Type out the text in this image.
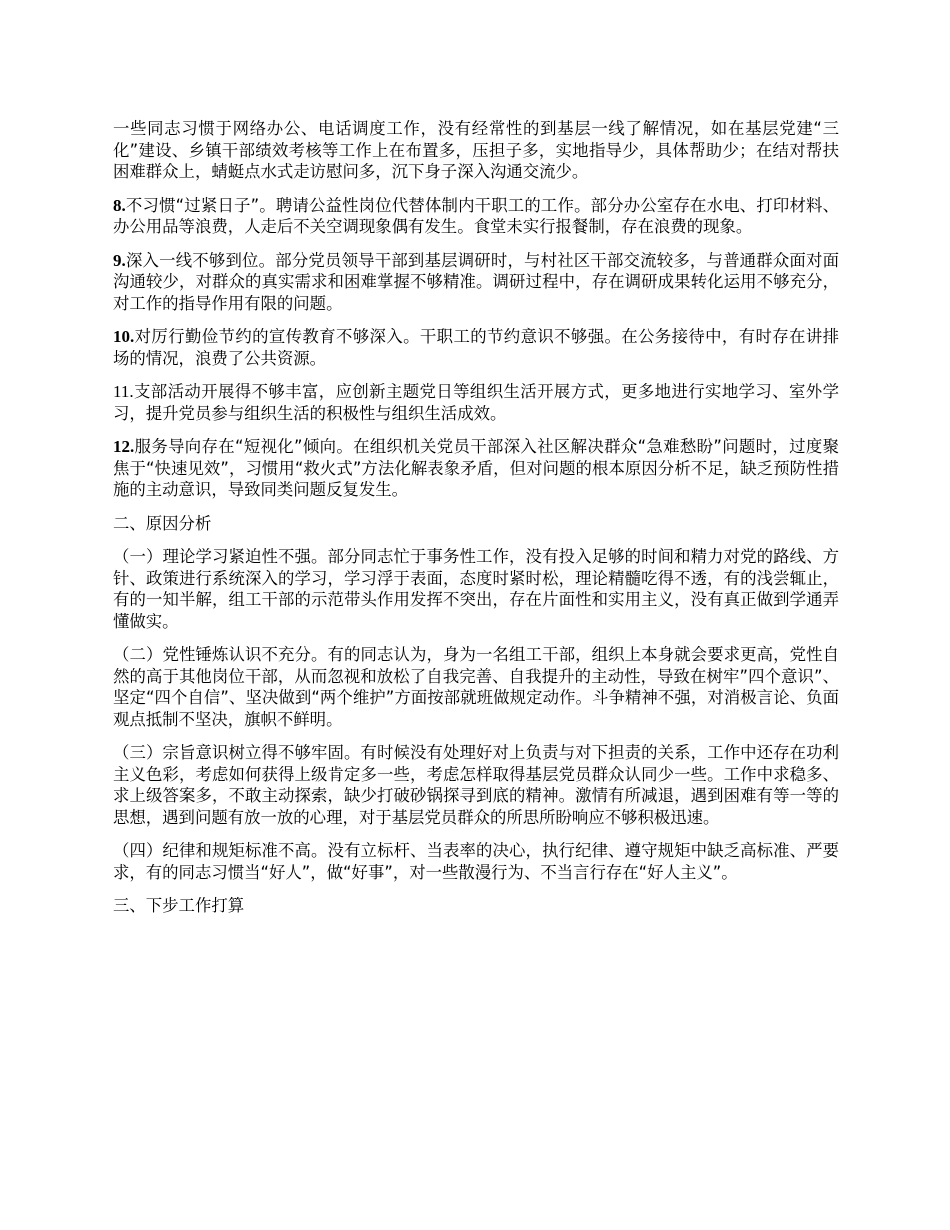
一些同志习惯于网络办公、电话调度工作，没有经常性的到基层一线了解情况，如在基层党建“三化”建设、乡镇干部绩效考核等工作上在布置多，压担子多，实地指导少，具体帮助少；在结对帮扶困难群众上，蜻蜓点水式走访慰问多，沉下身子深入沟通交流少。

8.不习惯“过紧日子”。聘请公益性岗位代替体制内干职工的工作。部分办公室存在水电、打印材料、办公用品等浪费，人走后不关空调现象偶有发生。食堂未实行报餐制，存在浪费的现象。

9.深入一线不够到位。部分党员领导干部到基层调研时，与村社区干部交流较多，与普通群众面对面沟通较少，对群众的真实需求和困难掌握不够精准。调研过程中，存在调研成果转化运用不够充分，对工作的指导作用有限的问题。

10.对厉行勤俭节约的宣传教育不够深入。干职工的节约意识不够强。在公务接待中，有时存在讲排场的情况，浪费了公共资源。

11.支部活动开展得不够丰富，应创新主题党日等组织生活开展方式，更多地进行实地学习、室外学习，提升党员参与组织生活的积极性与组织生活成效。

12.服务导向存在“短视化”倾向。在组织机关党员干部深入社区解决群众“急难愁盼”问题时，过度聚焦于“快速见效”，习惯用“救火式”方法化解表象矛盾，但对问题的根本原因分析不足，缺乏预防性措施的主动意识，导致同类问题反复发生。

二、原因分析

（一）理论学习紧迫性不强。部分同志忙于事务性工作，没有投入足够的时间和精力对党的路线、方针、政策进行系统深入的学习，学习浮于表面，态度时紧时松，理论精髓吃得不透，有的浅尝辄止，有的一知半解，组工干部的示范带头作用发挥不突出，存在片面性和实用主义，没有真正做到学通弄懂做实。

（二）党性锤炼认识不充分。有的同志认为，身为一名组工干部，组织上本身就会要求更高，党性自然的高于其他岗位干部，从而忽视和放松了自我完善、自我提升的主动性，导致在树牢”四个意识”、坚定“四个自信”、坚决做到“两个维护”方面按部就班做规定动作。斗争精神不强，对消极言论、负面观点抵制不坚决，旗帜不鲜明。

（三）宗旨意识树立得不够牢固。有时候没有处理好对上负责与对下担责的关系，工作中还存在功利主义色彩，考虑如何获得上级肯定多一些，考虑怎样取得基层党员群众认同少一些。工作中求稳多、求上级答案多，不敢主动探索，缺少打破砂锅探寻到底的精神。激情有所减退，遇到困难有等一等的思想，遇到问题有放一放的心理，对于基层党员群众的所思所盼响应不够积极迅速。

（四）纪律和规矩标准不高。没有立标杆、当表率的决心，执行纪律、遵守规矩中缺乏高标准、严要求，有的同志习惯当“好人”，做“好事”，对一些散漫行为、不当言行存在“好人主义”。

三、下步工作打算
